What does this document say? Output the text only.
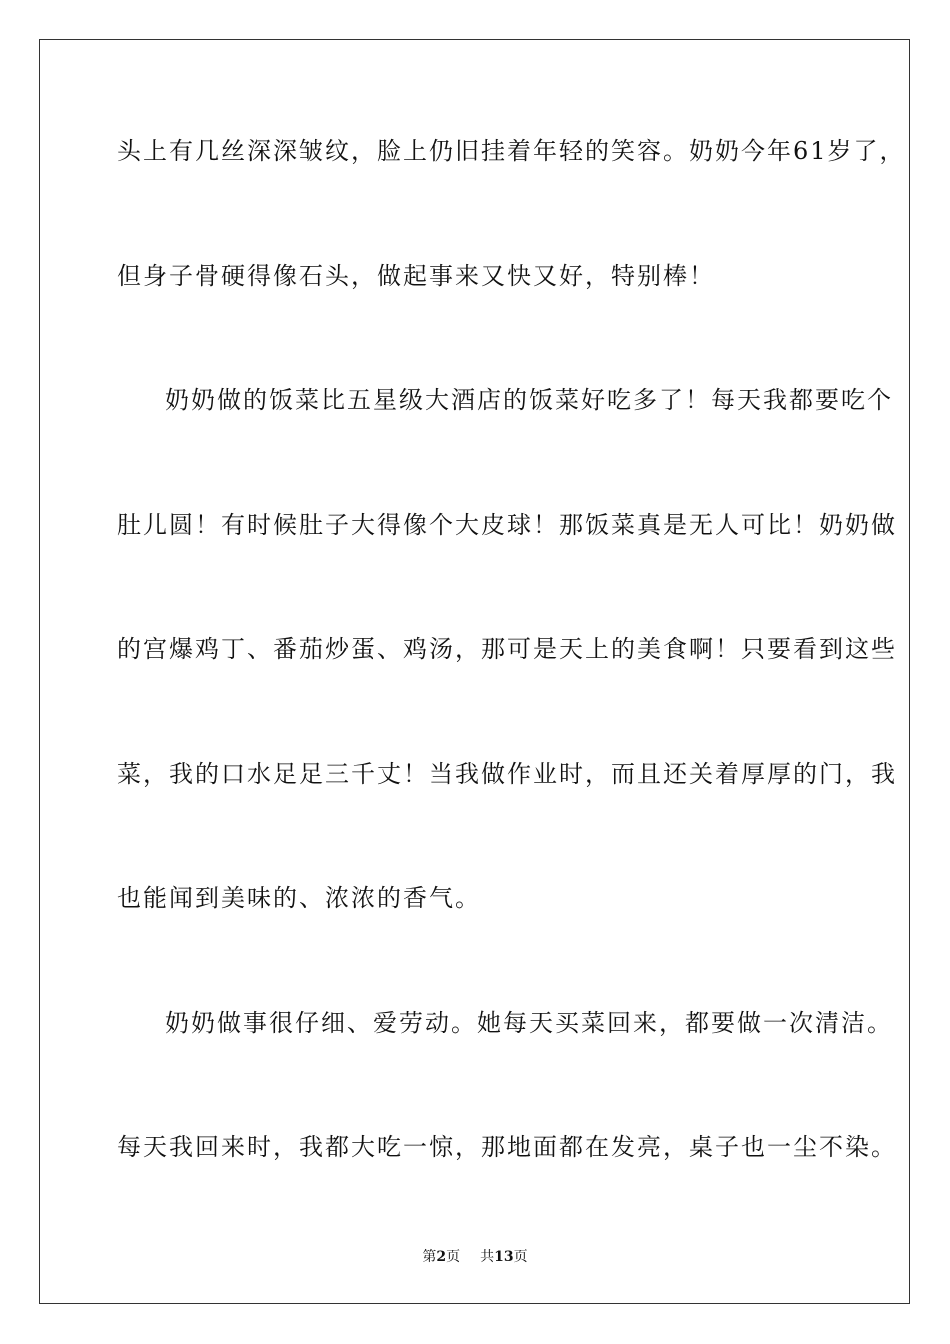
头上有几丝深深皱纹，脸上仍旧挂着年轻的笑容。奶奶今年61岁了，
但身子骨硬得像石头，做起事来又快又好，特别棒！
奶奶做的饭菜比五星级大酒店的饭菜好吃多了！每天我都要吃个
肚儿圆！有时候肚子大得像个大皮球！那饭菜真是无人可比！奶奶做
的宫爆鸡丁、番茄炒蛋、鸡汤，那可是天上的美食啊！只要看到这些
菜，我的口水足足三千丈！当我做作业时，而且还关着厚厚的门，我
也能闻到美味的、浓浓的香气。
奶奶做事很仔细、爱劳动。她每天买菜回来，都要做一次清洁。
每天我回来时，我都大吃一惊，那地面都在发亮，桌子也一尘不染。
第2页 共13页
